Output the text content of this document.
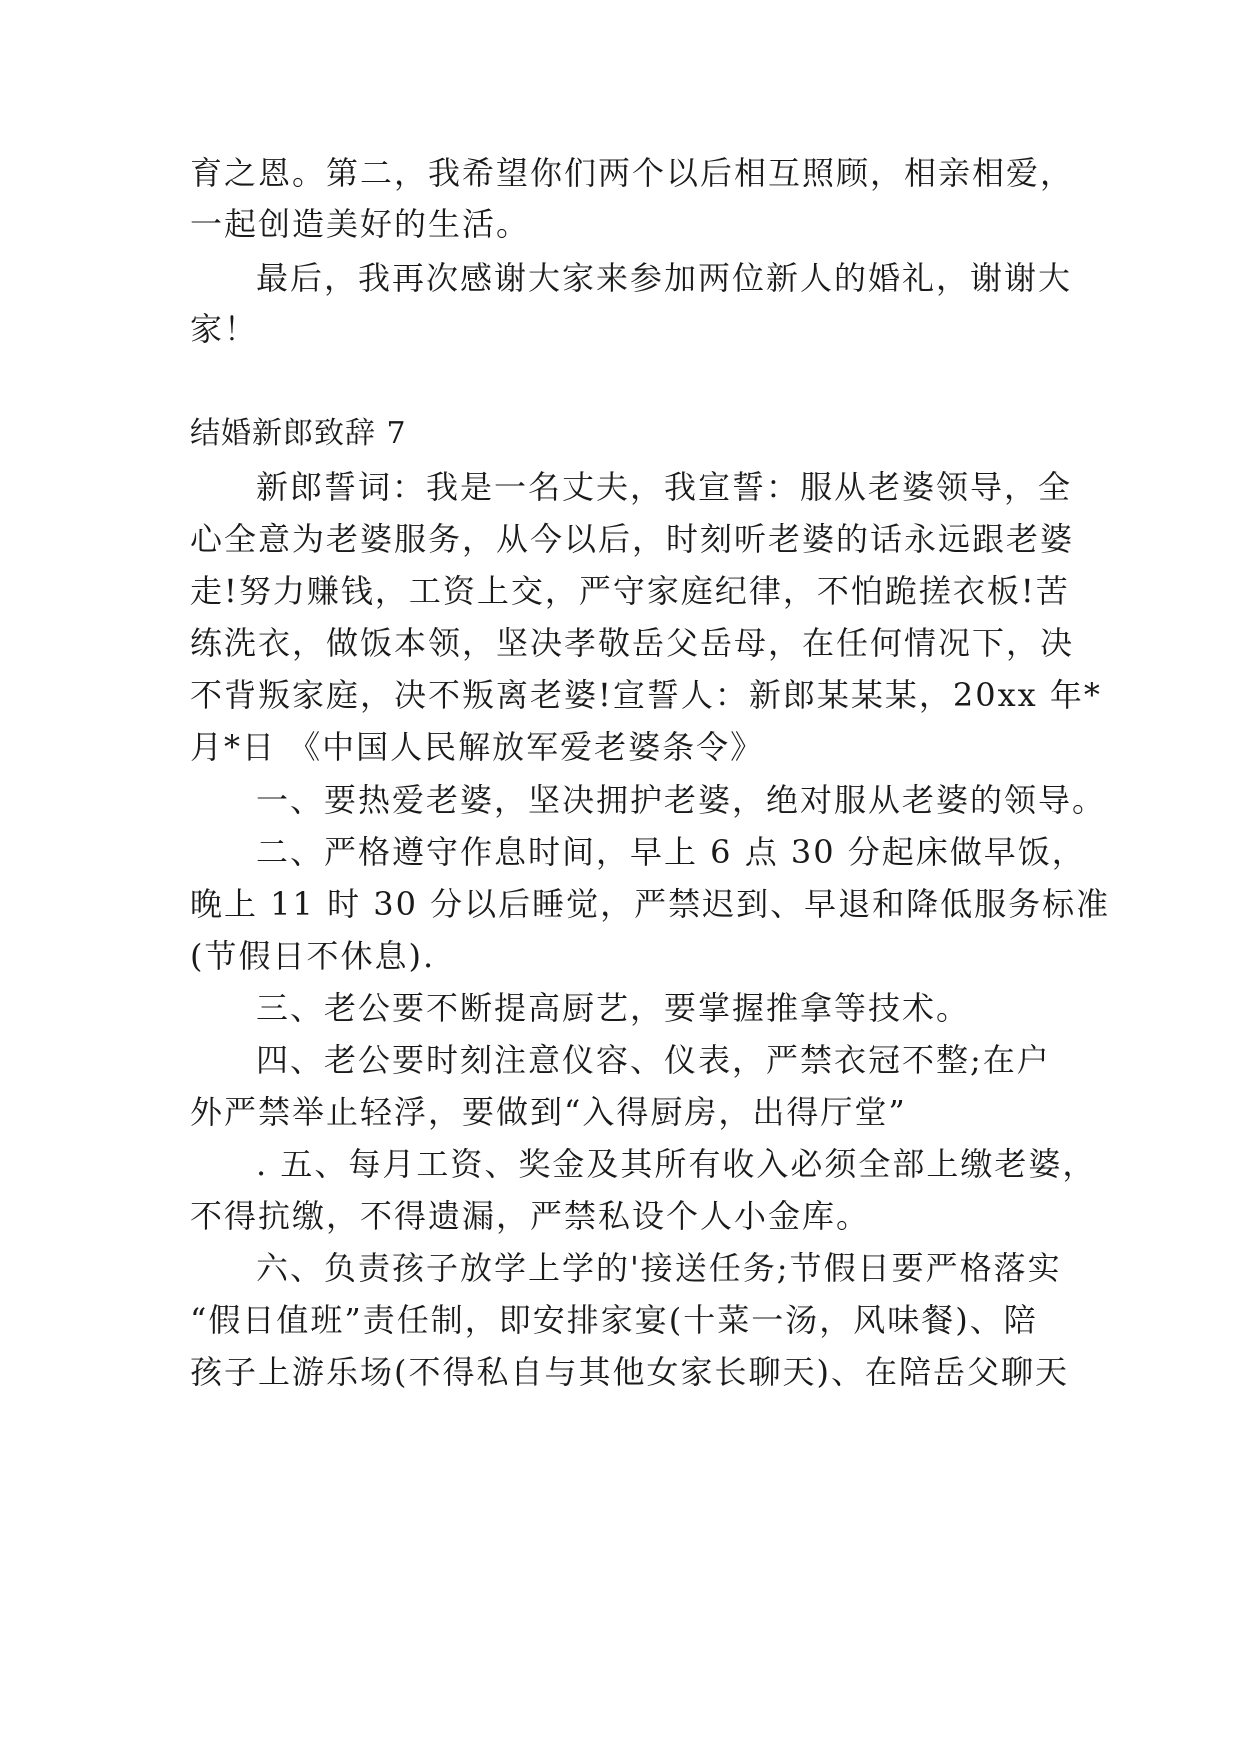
育之恩。第二，我希望你们两个以后相互照顾，相亲相爱，
一起创造美好的生活。
最后，我再次感谢大家来参加两位新人的婚礼，谢谢大
家！
结婚新郎致辞 7
新郎誓词：我是一名丈夫，我宣誓：服从老婆领导，全
心全意为老婆服务，从今以后，时刻听老婆的话永远跟老婆
走!努力赚钱，工资上交，严守家庭纪律，不怕跪搓衣板!苦
练洗衣，做饭本领，坚决孝敬岳父岳母，在任何情况下，决
不背叛家庭，决不叛离老婆!宣誓人：新郎某某某，20xx 年*
月*日 《中国人民解放军爱老婆条令》
一、要热爱老婆，坚决拥护老婆，绝对服从老婆的领导。
二、严格遵守作息时间，早上 6 点 30 分起床做早饭，
晚上 11 时 30 分以后睡觉，严禁迟到、早退和降低服务标准
(节假日不休息).
三、老公要不断提高厨艺，要掌握推拿等技术。
四、老公要时刻注意仪容、仪表，严禁衣冠不整;在户
外严禁举止轻浮，要做到“入得厨房，出得厅堂”
. 五、每月工资、奖金及其所有收入必须全部上缴老婆，
不得抗缴，不得遗漏，严禁私设个人小金库。
六、负责孩子放学上学的'接送任务;节假日要严格落实
“假日值班”责任制，即安排家宴(十菜一汤，风味餐)、陪
孩子上游乐场(不得私自与其他女家长聊天)、在陪岳父聊天
